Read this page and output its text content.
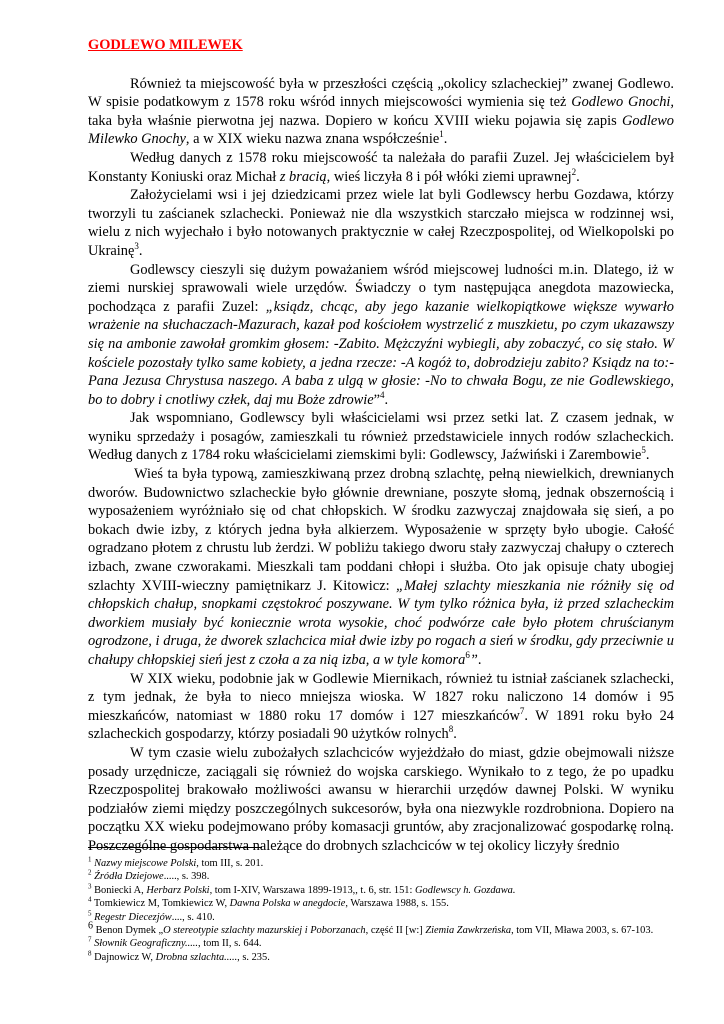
GODLEWO MILEWEK

Również ta miejscowość była w przeszłości częścią „okolicy szlacheckiej” zwanej Godlewo. W spisie podatkowym z 1578 roku wśród innych miejscowości wymienia się też Godlewo Gnochi, taka była właśnie pierwotna jej nazwa. Dopiero w końcu XVIII wieku pojawia się zapis Godlewo Milewko Gnochy, a w XIX wieku nazwa znana współcześnie$^1$.

Według danych z 1578 roku miejscowość ta należała do parafii Zuzel. Jej właścicielem był Konstanty Koniuski oraz Michał z bracią, wieś liczyła 8 i pół włóki ziemi uprawnej$^2$.

Założycielami wsi i jej dziedzicami przez wiele lat byli Godlewscy herbu Gozdawa, którzy tworzyli tu zaścianek szlachecki. Ponieważ nie dla wszystkich starczało miejsca w rodzinnej wsi, wielu z nich wyjechało i było notowanych praktycznie w całej Rzeczpospolitej, od Wielkopolski po Ukrainę$^3$.

Godlewscy cieszyli się dużym poważaniem wśród miejscowej ludności m.in. Dlatego, iż w ziemi nurskiej sprawowali wiele urzędów. Świadczy o tym następująca anegdota mazowiecka, pochodząca z parafii Zuzel: „ksiądz, chcąc, aby jego kazanie wielkopiątkowe większe wywarło wrażenie na słuchaczach-Mazurach, kazał pod kościołem wystrzelić z muszkietu, po czym ukazawszy się na ambonie zawołał gromkim głosem: -Zabito. Mężczyźni wybiegli, aby zobaczyć, co się stało. W kościele pozostały tylko same kobiety, a jedna rzecze: -A kogóż to, dobrodzieju zabito? Ksiądz na to:- Pana Jezusa Chrystusa naszego. A baba z ulgą w głosie: -No to chwała Bogu, ze nie Godlewskiego, bo to dobry i cnotliwy człek, daj mu Boże zdrowie”$^4$.

Jak wspomniano, Godlewscy byli właścicielami wsi przez setki lat. Z czasem jednak, w wyniku sprzedaży i posagów, zamieszkali tu również przedstawiciele innych rodów szlacheckich. Według danych z 1784 roku właścicielami ziemskimi byli: Godlewscy, Jaźwiński i Zarembowie$^5$.

Wieś ta była typową, zamieszkiwaną przez drobną szlachtę, pełną niewielkich, drewnianych dworów. Budownictwo szlacheckie było głównie drewniane, poszyte słomą, jednak obszernością i wyposażeniem wyróżniało się od chat chłopskich. W środku zazwyczaj znajdowała się sień, a po bokach dwie izby, z których jedna była alkierzem. Wyposażenie w sprzęty było ubogie. Całość ogradzano płotem z chrustu lub żerdzi. W pobliżu takiego dworu stały zazwyczaj chałupy o czterech izbach, zwane czworakami. Mieszkali tam poddani chłopi i służba. Oto jak opisuje chaty ubogiej szlachty XVIII-wieczny pamiętnikarz J. Kitowicz: „Małej szlachty mieszkania nie różniły się od chłopskich chałup, snopkami częstokroć poszywane. W tym tylko różnica była, iż przed szlacheckim dworkiem musiały być koniecznie wrota wysokie, choć podwórze całe było płotem chruścianym ogrodzone, i druga, że dworek szlachcica miał dwie izby po rogach a sień w środku, gdy przeciwnie u chałupy chłopskiej sień jest z czoła a za nią izba, a w tyle komora$^6$”.

W XIX wieku, podobnie jak w Godlewie Miernikach, również tu istniał zaścianek szlachecki, z tym jednak, że była to nieco mniejsza wioska. W 1827 roku naliczono 14 domów i 95 mieszkańców, natomiast w 1880 roku 17 domów i 127 mieszkańców$^7$. W 1891 roku było 24 szlacheckich gospodarzy, którzy posiadali 90 użytków rolnych$^8$.

W tym czasie wielu zubożałych szlachciców wyjeżdżało do miast, gdzie obejmowali niższe posady urzędnicze, zaciągali się również do wojska carskiego. Wynikało to z tego, że po upadku Rzeczpospolitej brakowało możliwości awansu w hierarchii urzędów dawnej Polski. W wyniku podziałów ziemi między poszczególnych sukcesorów, była ona niezwykle rozdrobniona. Dopiero na początku XX wieku podejmowano próby komasacji gruntów, aby zracjonalizować gospodarkę rolną. Poszczególne gospodarstwa należące do drobnych szlachciców w tej okolicy liczyły średnio

$^1$ Nazwy miejscowe Polski, tom III, s. 201.
$^2$ Źródła Dziejowe....., s. 398.
$^3$ Boniecki A, Herbarz Polski, tom I-XIV, Warszawa 1899-1913,, t. 6, str. 151: Godlewscy h. Gozdawa.
$^4$ Tomkiewicz M, Tomkiewicz W, Dawna Polska w anegdocie, Warszawa 1988, s. 155.
$^5$ Regestr Diecezjów...., s. 410.
$^6$ Benon Dymek „O stereotypie szlachty mazurskiej i Poborzanach, część II [w:] Ziemia Zawkrzeńska, tom VII, Mława 2003, s. 67-103.
$^7$ Słownik Geograficzny....., tom II, s. 644.
$^8$ Dajnowicz W, Drobna szlachta....., s. 235.
